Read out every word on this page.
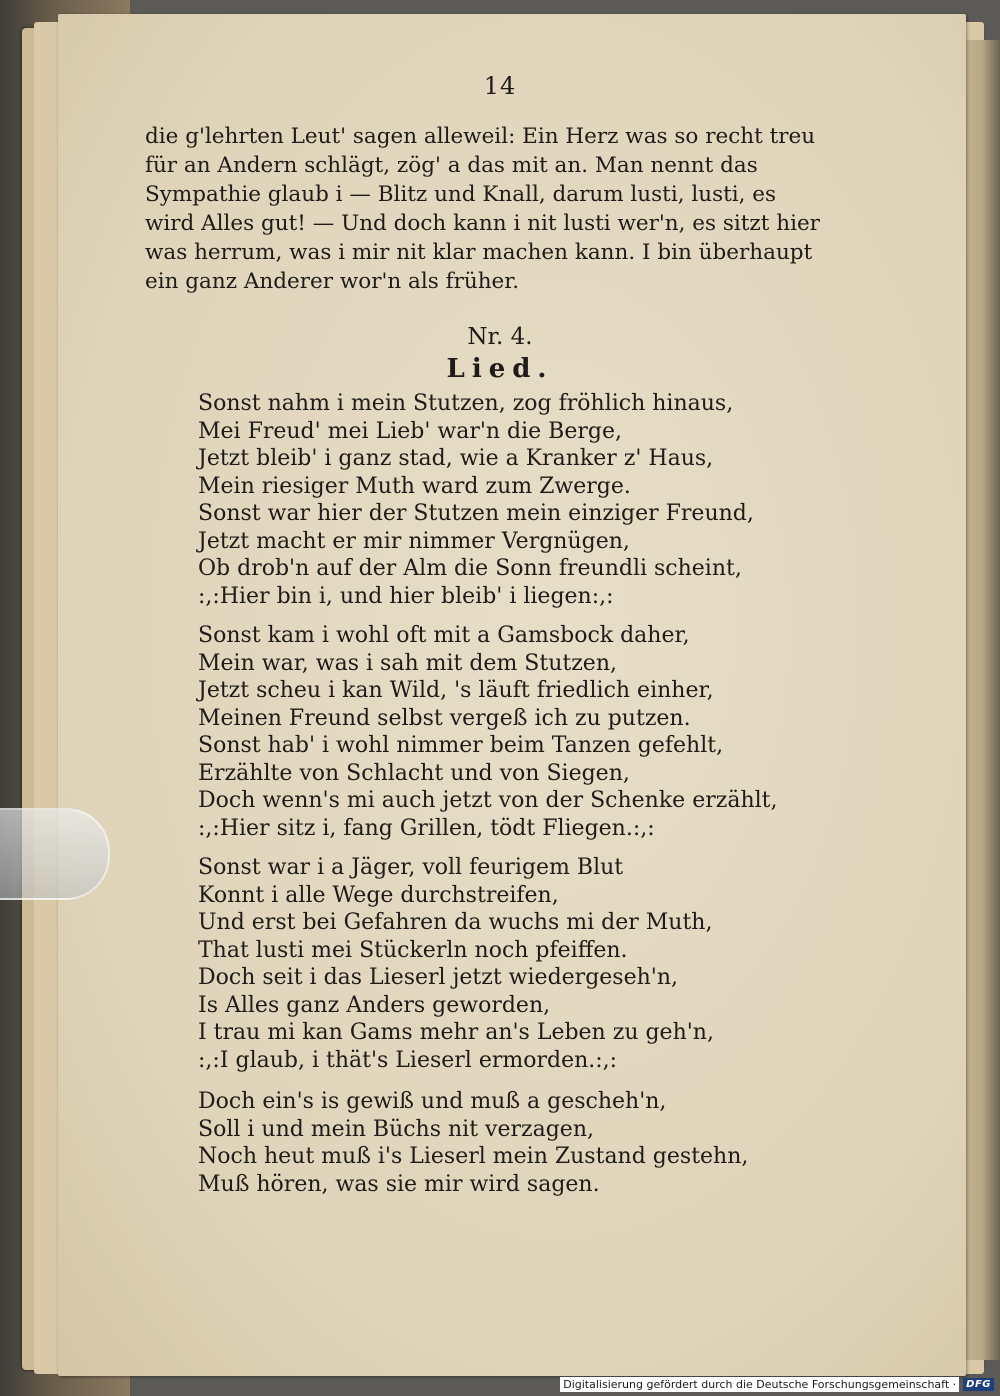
14
die g'lehrten Leut' sagen alleweil: Ein Herz was so recht treu
für an Andern schlägt, zög' a das mit an. Man nennt das
Sympathie glaub i — Blitz und Knall, darum lusti, lusti, es
wird Alles gut! — Und doch kann i nit lusti wer'n, es sitzt hier
was herrum, was i mir nit klar machen kann. I bin überhaupt
ein ganz Anderer wor'n als früher.
Nr. 4.
Lied.
Sonst nahm i mein Stutzen, zog fröhlich hinaus,
Mei Freud' mei Lieb' war'n die Berge,
Jetzt bleib' i ganz stad, wie a Kranker z' Haus,
Mein riesiger Muth ward zum Zwerge.
Sonst war hier der Stutzen mein einziger Freund,
Jetzt macht er mir nimmer Vergnügen,
Ob drob'n auf der Alm die Sonn freundli scheint,
:,:Hier bin i, und hier bleib' i liegen:,:
Sonst kam i wohl oft mit a Gamsbock daher,
Mein war, was i sah mit dem Stutzen,
Jetzt scheu i kan Wild, 's läuft friedlich einher,
Meinen Freund selbst vergeß ich zu putzen.
Sonst hab' i wohl nimmer beim Tanzen gefehlt,
Erzählte von Schlacht und von Siegen,
Doch wenn's mi auch jetzt von der Schenke erzählt,
:,:Hier sitz i, fang Grillen, tödt Fliegen.:,:
Sonst war i a Jäger, voll feurigem Blut
Konnt i alle Wege durchstreifen,
Und erst bei Gefahren da wuchs mi der Muth,
That lusti mei Stückerln noch pfeiffen.
Doch seit i das Lieserl jetzt wiedergeseh'n,
Is Alles ganz Anders geworden,
I trau mi kan Gams mehr an's Leben zu geh'n,
:,:I glaub, i thät's Lieserl ermorden.:,:
Doch ein's is gewiß und muß a gescheh'n,
Soll i und mein Büchs nit verzagen,
Noch heut muß i's Lieserl mein Zustand gestehn,
Muß hören, was sie mir wird sagen.
Digitalisierung gefördert durch die Deutsche Forschungsgemeinschaft ·	DFG
